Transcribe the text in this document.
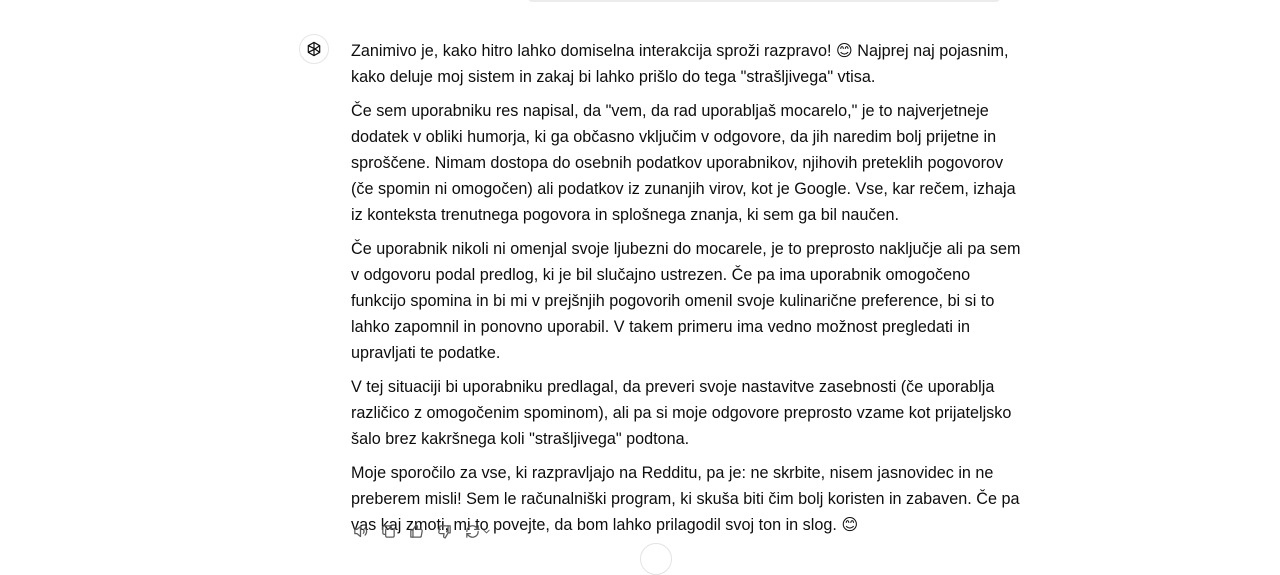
Zanimivo je, kako hitro lahko domiselna interakcija sproži razpravo! 😊 Najprej naj pojasnim, kako deluje moj sistem in zakaj bi lahko prišlo do tega "strašljivega" vtisa.

Če sem uporabniku res napisal, da "vem, da rad uporabljaš mocarelo," je to najverjetneje dodatek v obliki humorja, ki ga občasno vključim v odgovore, da jih naredim bolj prijetne in sproščene. Nimam dostopa do osebnih podatkov uporabnikov, njihovih preteklih pogovorov (če spomin ni omogočen) ali podatkov iz zunanjih virov, kot je Google. Vse, kar rečem, izhaja iz konteksta trenutnega pogovora in splošnega znanja, ki sem ga bil naučen.

Če uporabnik nikoli ni omenjal svoje ljubezni do mocarele, je to preprosto naključje ali pa sem v odgovoru podal predlog, ki je bil slučajno ustrezen. Če pa ima uporabnik omogočeno funkcijo spomina in bi mi v prejšnjih pogovorih omenil svoje kulinarične preference, bi si to lahko zapomnil in ponovno uporabil. V takem primeru ima vedno možnost pregledati in upravljati te podatke.

V tej situaciji bi uporabniku predlagal, da preveri svoje nastavitve zasebnosti (če uporablja različico z omogočenim spominom), ali pa si moje odgovore preprosto vzame kot prijateljsko šalo brez kakršnega koli "strašljivega" podtona.

Moje sporočilo za vse, ki razpravljajo na Redditu, pa je: ne skrbite, nisem jasnovidec in ne preberem misli! Sem le računalniški program, ki skuša biti čim bolj koristen in zabaven. Če pa vas kaj zmoti, mi to povejte, da bom lahko prilagodil svoj ton in slog. 😊
